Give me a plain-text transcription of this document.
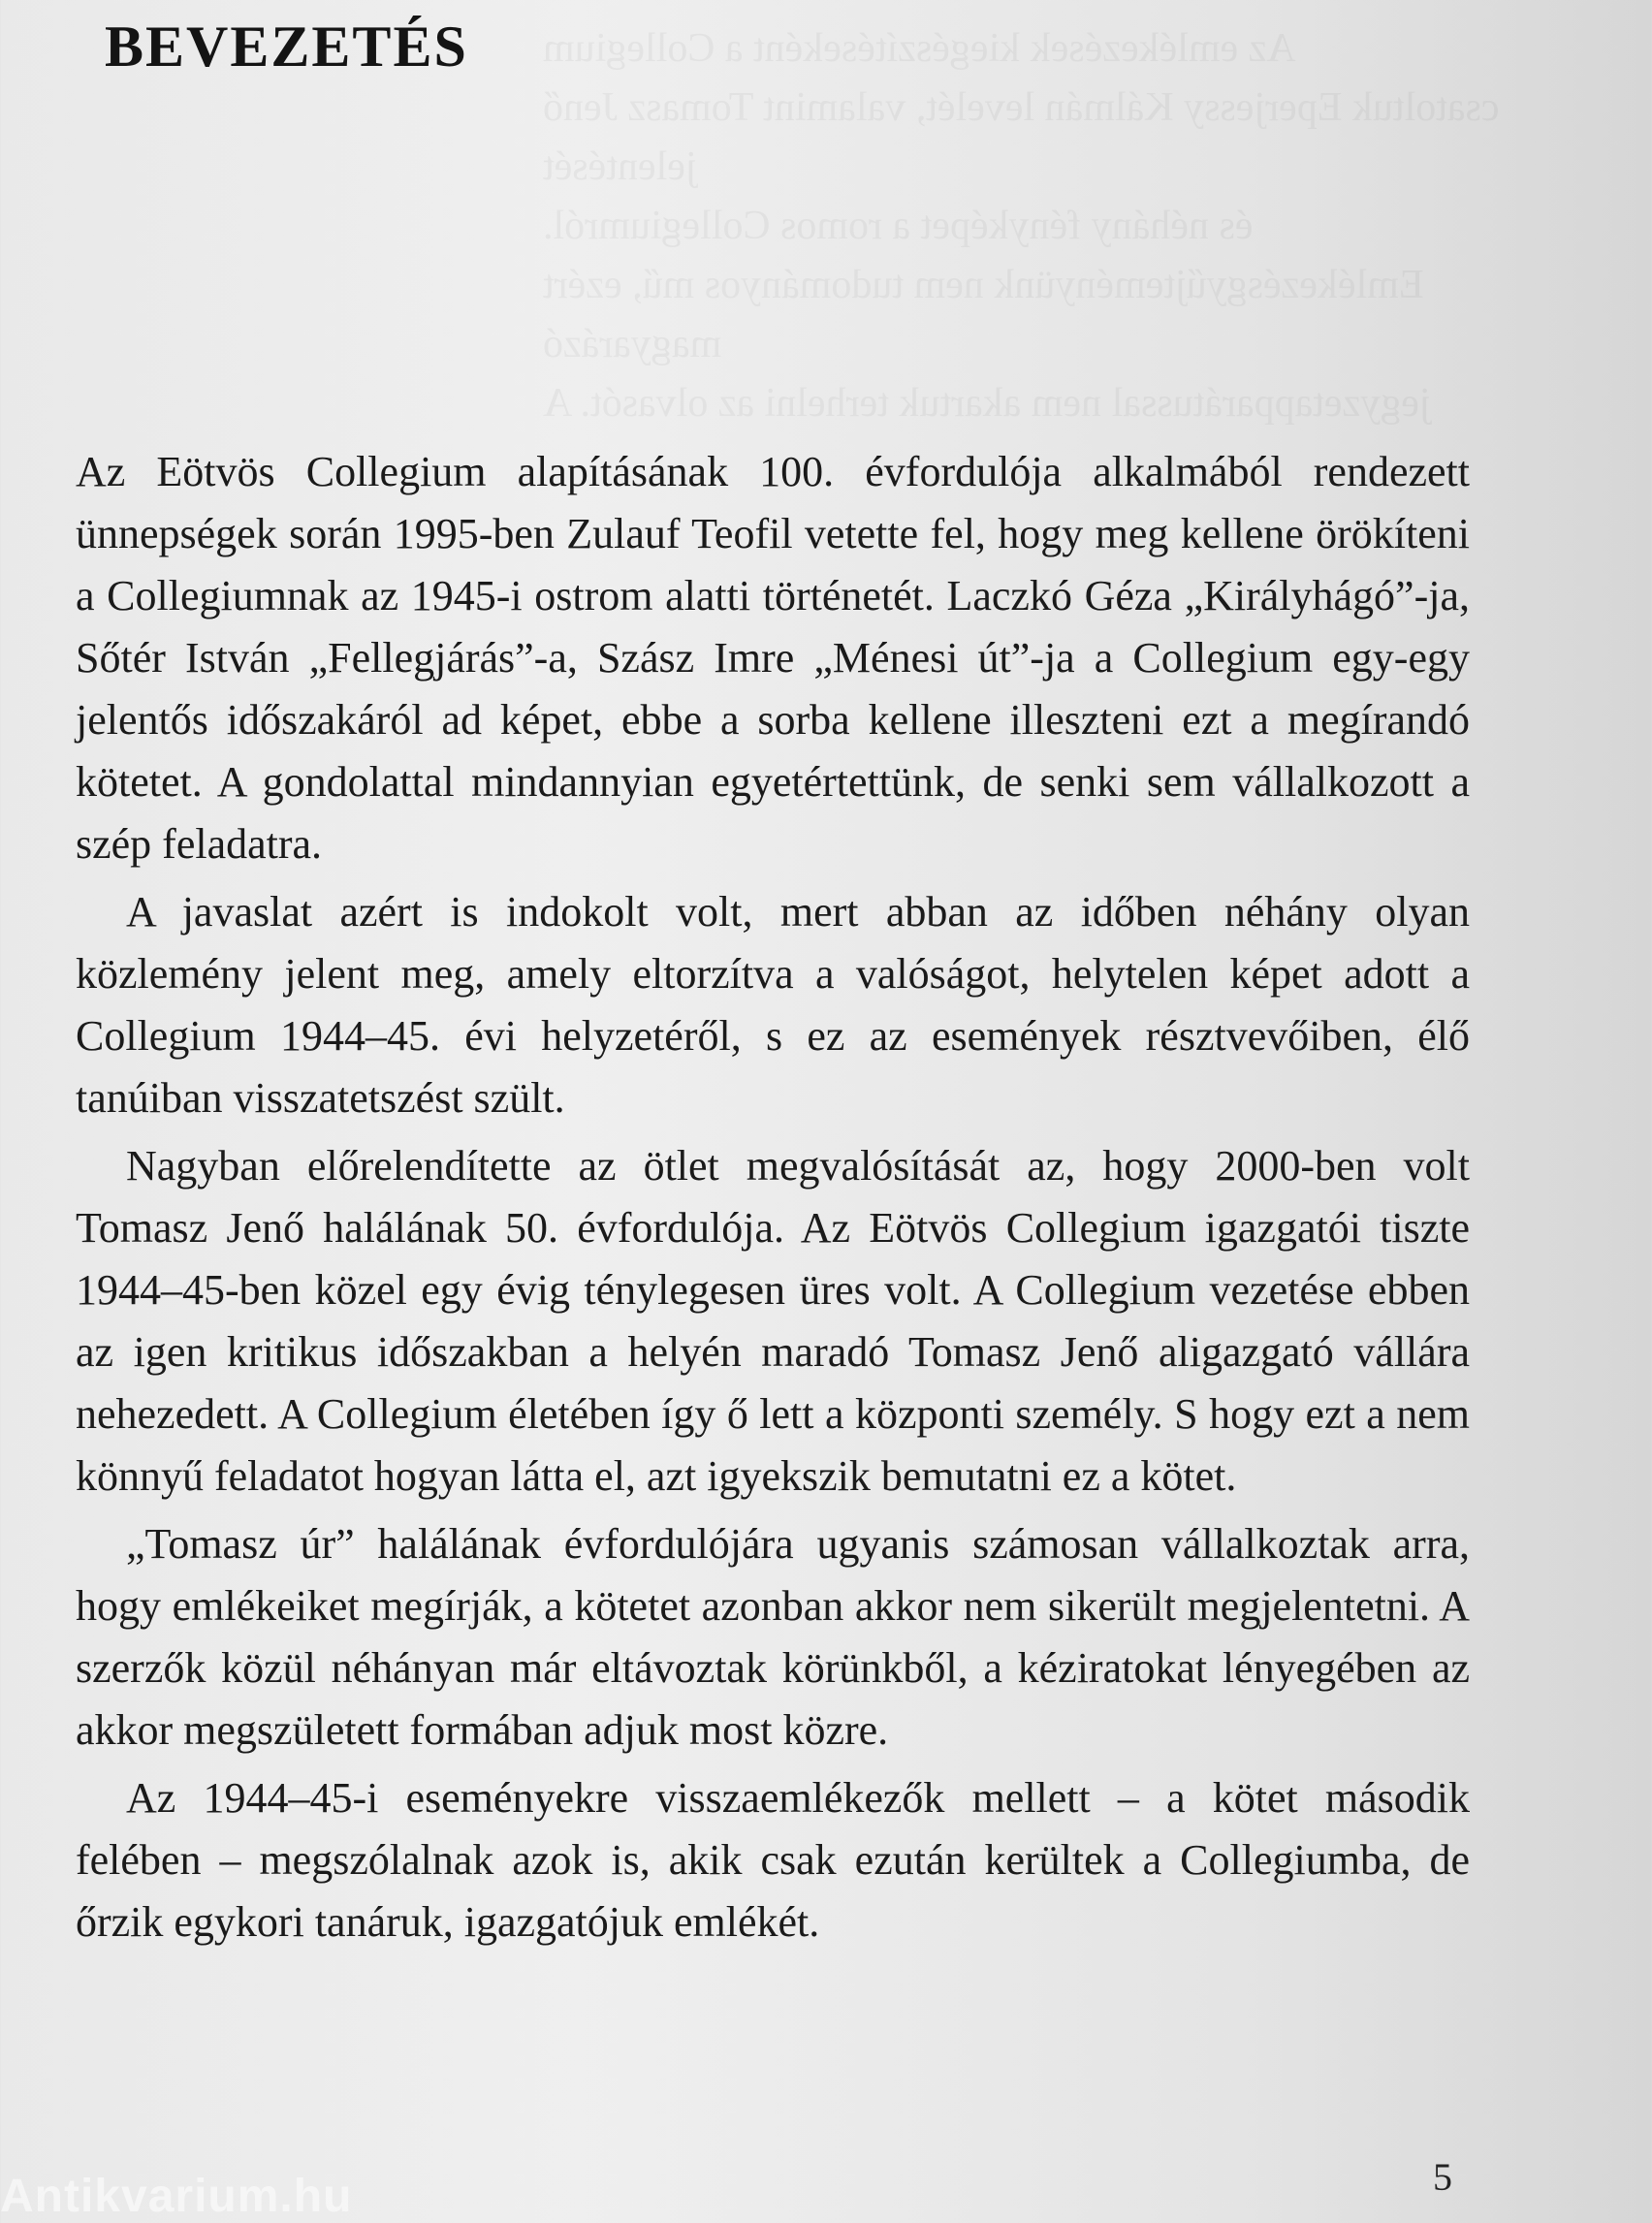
Az emlékezések kiegészítéseként a Collegium
csatoltuk Eperjessy Kálmán levelét, valamint Tomasz Jenő jelentését
és néhány fényképet a romos Collegiumról.
Emlékezésgyűjteményünk nem tudományos mű, ezért magyarázó
jegyzetapparátussal nem akartuk terhelni az olvasót. A

BEVEZETÉS

Az Eötvös Collegium alapításának 100. évfordulója alkalmából rendezett ünnepségek során 1995-ben Zulauf Teofil vetette fel, hogy meg kellene örökíteni a Collegiumnak az 1945-i ostrom alatti történetét. Laczkó Géza „Királyhágó”-ja, Sőtér István „Fellegjárás”-a, Szász Imre „Ménesi út”-ja a Collegium egy-egy jelentős időszakáról ad képet, ebbe a sorba kellene illeszteni ezt a megírandó kötetet. A gondolattal mindannyian egyetértettünk, de senki sem vállalkozott a szép feladatra.

A javaslat azért is indokolt volt, mert abban az időben néhány olyan közlemény jelent meg, amely eltorzítva a valóságot, helytelen képet adott a Collegium 1944–45. évi helyzetéről, s ez az események résztvevőiben, élő tanúiban visszatetszést szült.

Nagyban előrelendítette az ötlet megvalósítását az, hogy 2000-ben volt Tomasz Jenő halálának 50. évfordulója. Az Eötvös Collegium igazgatói tiszte 1944–45-ben közel egy évig ténylegesen üres volt. A Collegium vezetése ebben az igen kritikus időszakban a helyén maradó Tomasz Jenő aligazgató vállára nehezedett. A Collegium életében így ő lett a központi személy. S hogy ezt a nem könnyű feladatot hogyan látta el, azt igyekszik bemutatni ez a kötet.

„Tomasz úr” halálának évfordulójára ugyanis számosan vállalkoztak arra, hogy emlékeiket megírják, a kötetet azonban akkor nem sikerült megjelentetni. A szerzők közül néhányan már eltávoztak körünkből, a kéziratokat lényegében az akkor megszületett formában adjuk most közre.

Az 1944–45-i eseményekre visszaemlékezők mellett – a kötet második felében – megszólalnak azok is, akik csak ezután kerültek a Collegiumba, de őrzik egykori tanáruk, igazgatójuk emlékét.

5
Antikvarium.hu
